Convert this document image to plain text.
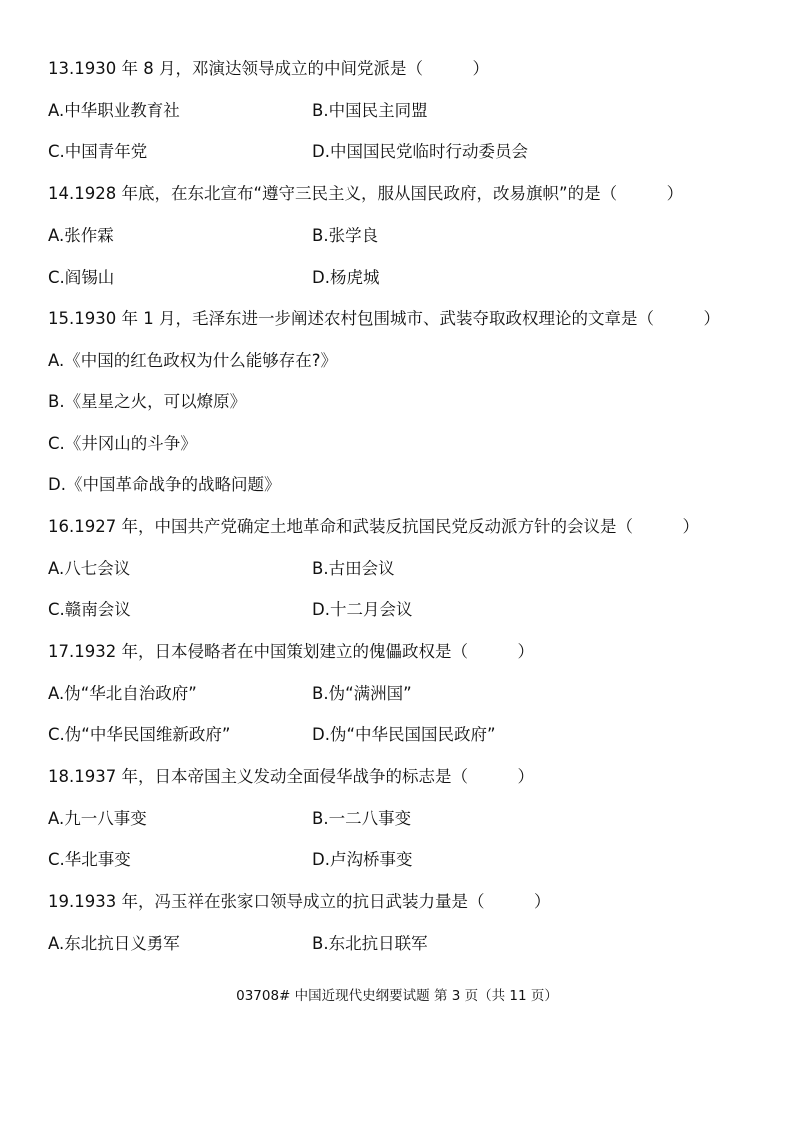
13.1930 年 8 月，邓演达领导成立的中间党派是（　　　）
A.中华职业教育社	B.中国民主同盟
C.中国青年党	D.中国国民党临时行动委员会
14.1928 年底，在东北宣布“遵守三民主义，服从国民政府，改易旗帜”的是（　　　）
A.张作霖	B.张学良
C.阎锡山	D.杨虎城
15.1930 年 1 月，毛泽东进一步阐述农村包围城市、武装夺取政权理论的文章是（　　　）
A.《中国的红色政权为什么能够存在?》
B.《星星之火，可以燎原》
C.《井冈山的斗争》
D.《中国革命战争的战略问题》
16.1927 年，中国共产党确定土地革命和武装反抗国民党反动派方针的会议是（　　　）
A.八七会议	B.古田会议
C.赣南会议	D.十二月会议
17.1932 年，日本侵略者在中国策划建立的傀儡政权是（　　　）
A.伪“华北自治政府”	B.伪“满洲国”
C.伪“中华民国维新政府”	D.伪“中华民国国民政府”
18.1937 年，日本帝国主义发动全面侵华战争的标志是（　　　）
A.九一八事变	B.一二八事变
C.华北事变	D.卢沟桥事变
19.1933 年，冯玉祥在张家口领导成立的抗日武装力量是（　　　）
A.东北抗日义勇军	B.东北抗日联军
03708# 中国近现代史纲要试题 第 3 页（共 11 页）
